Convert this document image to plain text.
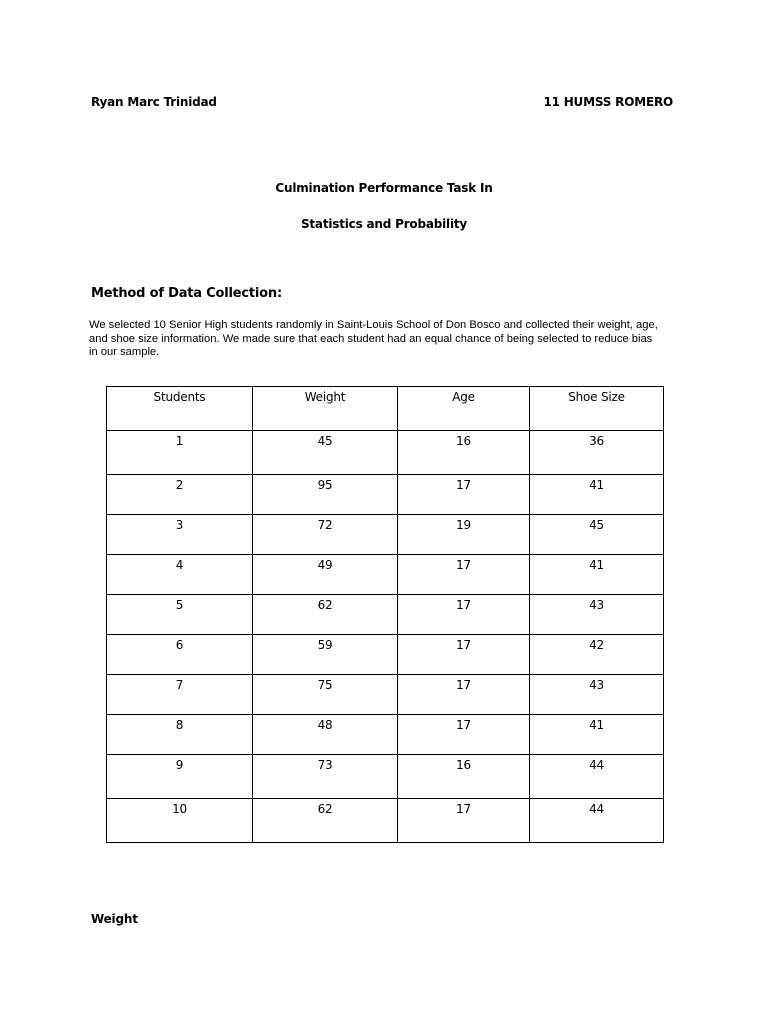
Ryan Marc Trinidad	11 HUMSS ROMERO
Culmination Performance Task In
Statistics and Probability
Method of Data Collection:
We selected 10 Senior High students randomly in Saint-Louis School of Don Bosco and collected their weight, age, and shoe size information. We made sure that each student had an equal chance of being selected to reduce bias in our sample.
Students	Weight	Age	Shoe Size
1	45	16	36
2	95	17	41
3	72	19	45
4	49	17	41
5	62	17	43
6	59	17	42
7	75	17	43
8	48	17	41
9	73	16	44
10	62	17	44
Weight
